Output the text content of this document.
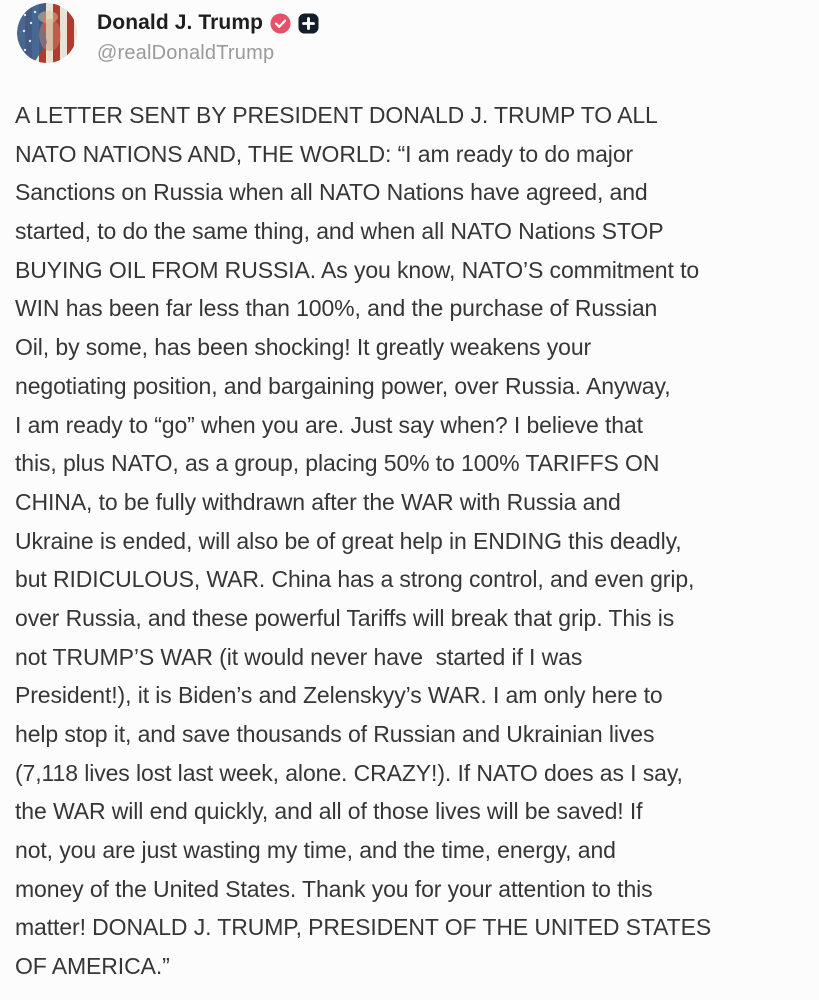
Donald J. Trump
@realDonaldTrump
A LETTER SENT BY PRESIDENT DONALD J. TRUMP TO ALL
NATO NATIONS AND, THE WORLD: “I am ready to do major
Sanctions on Russia when all NATO Nations have agreed, and
started, to do the same thing, and when all NATO Nations STOP
BUYING OIL FROM RUSSIA. As you know, NATO’S commitment to
WIN has been far less than 100%, and the purchase of Russian
Oil, by some, has been shocking! It greatly weakens your
negotiating position, and bargaining power, over Russia. Anyway,
I am ready to “go” when you are. Just say when? I believe that
this, plus NATO, as a group, placing 50% to 100% TARIFFS ON
CHINA, to be fully withdrawn after the WAR with Russia and
Ukraine is ended, will also be of great help in ENDING this deadly,
but RIDICULOUS, WAR. China has a strong control, and even grip,
over Russia, and these powerful Tariffs will break that grip. This is
not TRUMP’S WAR (it would never have  started if I was
President!), it is Biden’s and Zelenskyy’s WAR. I am only here to
help stop it, and save thousands of Russian and Ukrainian lives
(7,118 lives lost last week, alone. CRAZY!). If NATO does as I say,
the WAR will end quickly, and all of those lives will be saved! If
not, you are just wasting my time, and the time, energy, and
money of the United States. Thank you for your attention to this
matter! DONALD J. TRUMP, PRESIDENT OF THE UNITED STATES
OF AMERICA.”
